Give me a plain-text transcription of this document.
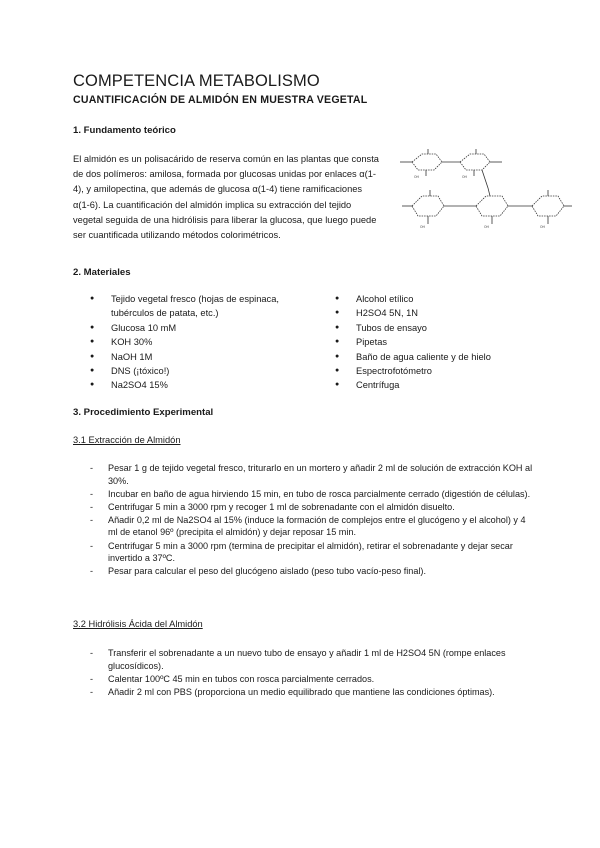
COMPETENCIA METABOLISMO
CUANTIFICACIÓN DE ALMIDÓN EN MUESTRA VEGETAL
1. Fundamento teórico
El almidón es un polisacárido de reserva común en las plantas que consta de dos polímeros: amilosa, formada por glucosas unidas por enlaces α(1-4), y amilopectina, que además de glucosa α(1-4) tiene ramificaciones α(1-6). La cuantificación del almidón implica su extracción del tejido vegetal seguida de una hidrólisis para liberar la glucosa, que luego puede ser cuantificada utilizando métodos colorimétricos.
OH	OH
OH	OH	OH
2. Materiales
● Tejido vegetal fresco (hojas de espinaca, tubérculos de patata, etc.)
● Glucosa 10 mM
● KOH 30%
● NaOH 1M
● DNS (¡tóxico!)
● Na2SO4 15%
● Alcohol etílico
● H2SO4 5N, 1N
● Tubos de ensayo
● Pipetas
● Baño de agua caliente y de hielo
● Espectrofotómetro
● Centrífuga
3. Procedimiento Experimental
3.1 Extracción de Almidón
- Pesar 1 g de tejido vegetal fresco, triturarlo en un mortero y añadir 2 ml de solución de extracción KOH al 30%.
- Incubar en baño de agua hirviendo 15 min, en tubo de rosca parcialmente cerrado (digestión de células).
- Centrifugar 5 min a 3000 rpm y recoger 1 ml de sobrenadante con el almidón disuelto.
- Añadir 0,2 ml de Na2SO4 al 15% (induce la formación de complejos entre el glucógeno y el alcohol) y 4 ml de etanol 96º (precipita el almidón) y dejar reposar 15 min.
- Centrifugar 5 min a 3000 rpm (termina de precipitar el almidón), retirar el sobrenadante y dejar secar invertido a 37ºC.
- Pesar para calcular el peso del glucógeno aislado (peso tubo vacío-peso final).
3.2 Hidrólisis Ácida del Almidón
- Transferir el sobrenadante a un nuevo tubo de ensayo y añadir 1 ml de H2SO4 5N (rompe enlaces glucosídicos).
- Calentar 100ºC 45 min en tubos con rosca parcialmente cerrados.
- Añadir 2 ml con PBS (proporciona un medio equilibrado que mantiene las condiciones óptimas).
